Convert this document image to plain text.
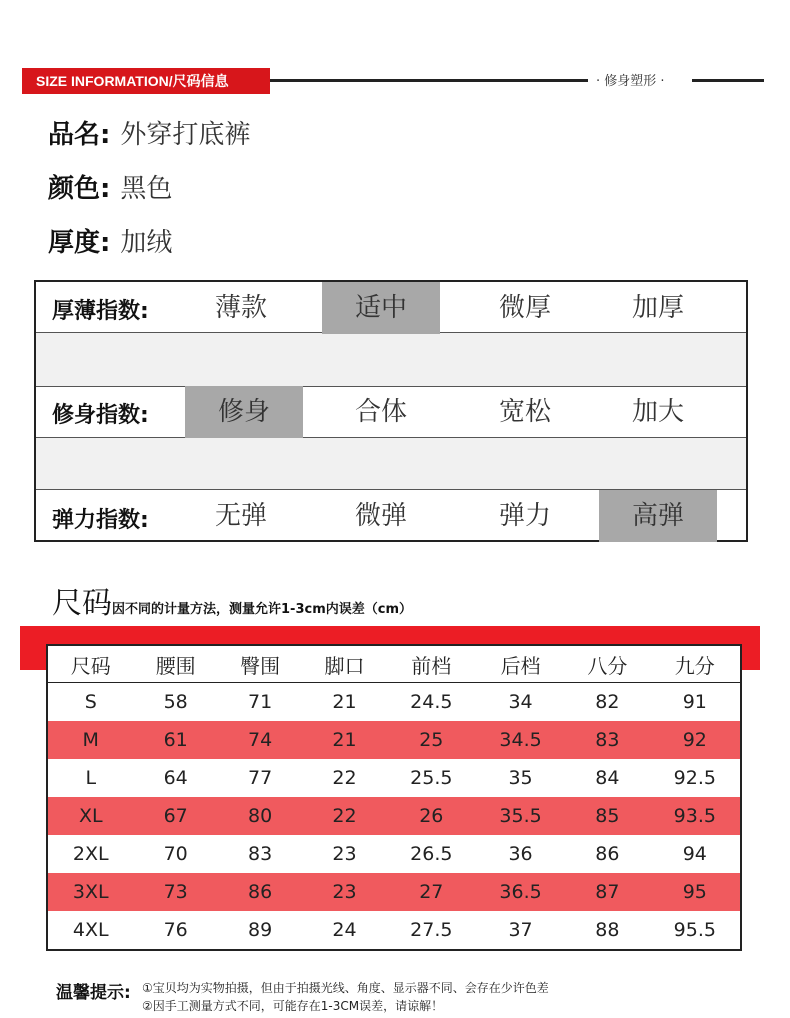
SIZE INFORMATION/尺码信息	· 修身塑形 ·
品名: 外穿打底裤
颜色: 黑色
厚度: 加绒
厚薄指数:	薄款	适中	微厚	加厚
修身指数:	修身	合体	宽松	加大
弹力指数:	无弹	微弹	弹力	高弹
尺码因不同的计量方法，测量允许1-3cm内误差（cm）
尺码	腰围	臀围	脚口	前档	后档	八分	九分
S	58	71	21	24.5	34	82	91
M	61	74	21	25	34.5	83	92
L	64	77	22	25.5	35	84	92.5
XL	67	80	22	26	35.5	85	93.5
2XL	70	83	23	26.5	36	86	94
3XL	73	86	23	27	36.5	87	95
4XL	76	89	24	27.5	37	88	95.5
温馨提示: ①宝贝均为实物拍摄，但由于拍摄光线、角度、显示器不同、会存在少许色差
②因手工测量方式不同，可能存在1-3CM误差，请谅解！
